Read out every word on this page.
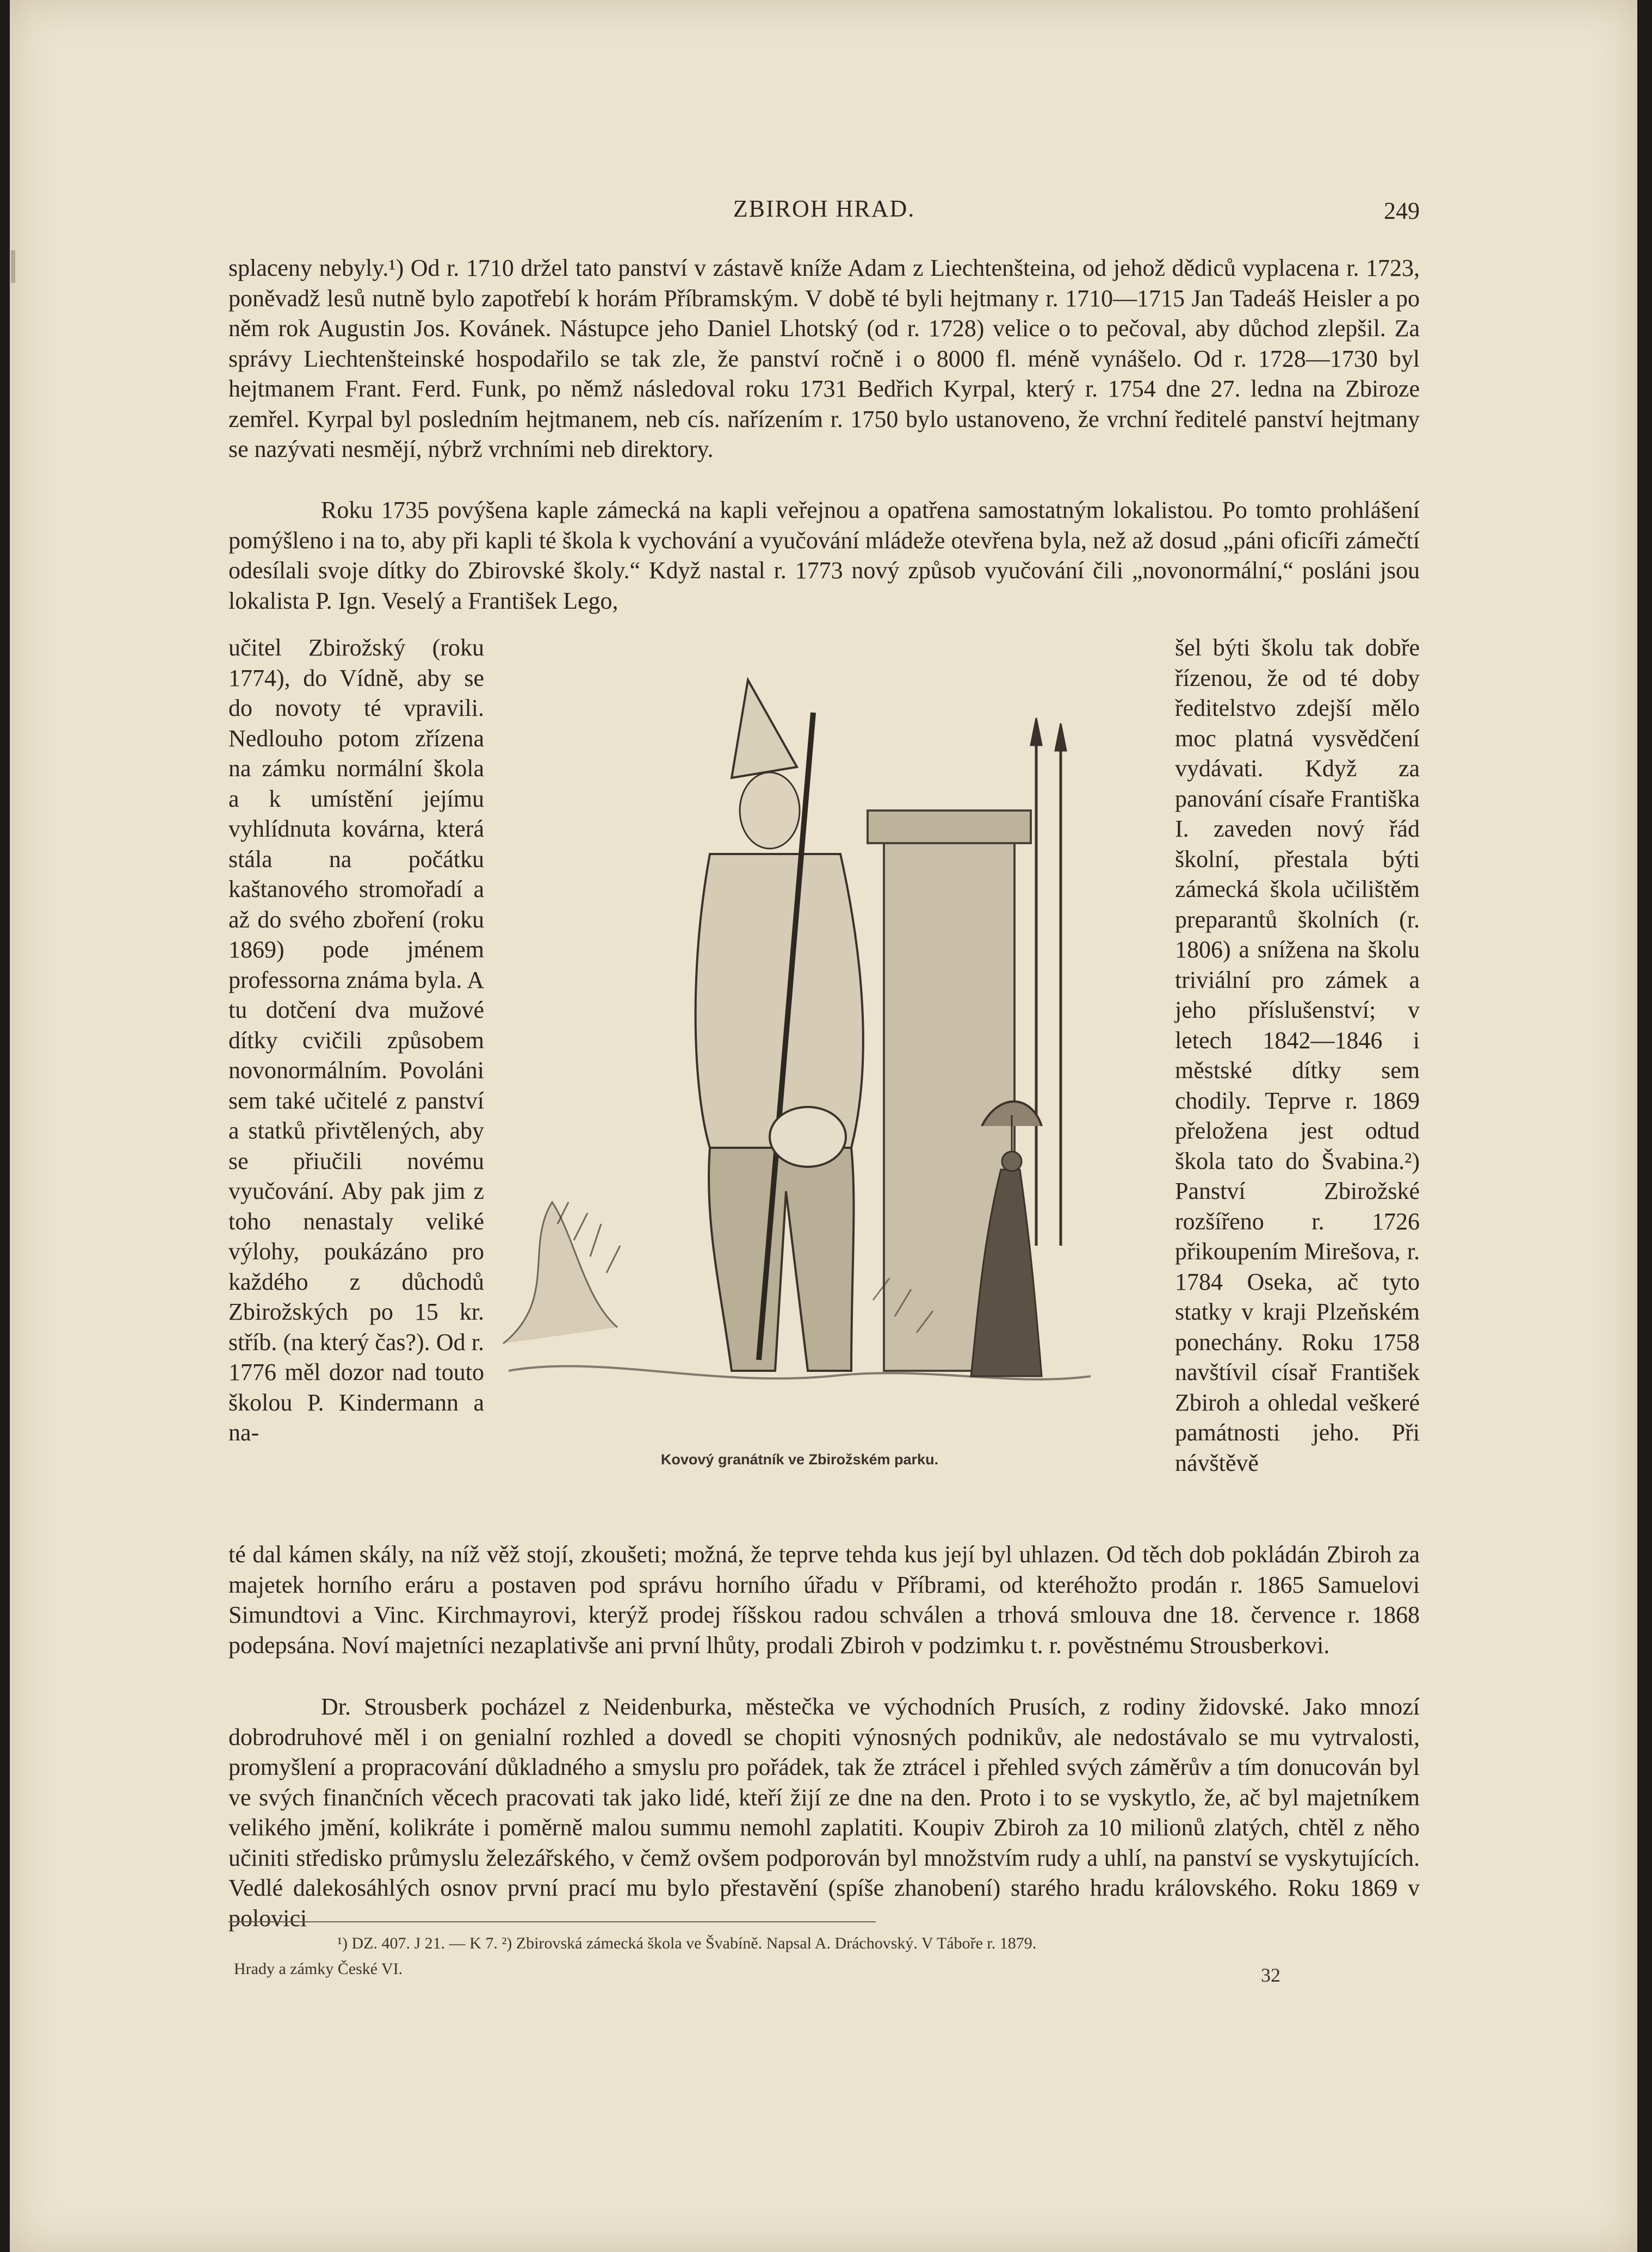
ZBIROH HRAD.	249

splaceny nebyly.¹) Od r. 1710 držel tato panství v zástavě kníže Adam z Liechtenšteina, od jehož dědiců vyplacena r. 1723, poněvadž lesů nutně bylo zapotřebí k horám Příbramským. V době té byli hejtmany r. 1710—1715 Jan Tadeáš Heisler a po něm rok Augustin Jos. Kovánek. Nástupce jeho Daniel Lhotský (od r. 1728) velice o to pečoval, aby důchod zlepšil. Za správy Liechtenšteinské hospodařilo se tak zle, že panství ročně i o 8000 fl. méně vynášelo. Od r. 1728—1730 byl hejtmanem Frant. Ferd. Funk, po němž následoval roku 1731 Bedřich Kyrpal, který r. 1754 dne 27. ledna na Zbiroze zemřel. Kyrpal byl posledním hejtmanem, neb cís. nařízením r. 1750 bylo ustanoveno, že vrchní ředitelé panství hejtmany se nazývati nesmějí, nýbrž vrchními neb direktory.

Roku 1735 povýšena kaple zámecká na kapli veřejnou a opatřena samostatným lokalistou. Po tomto prohlášení pomýšleno i na to, aby při kapli té škola k vychování a vyučování mládeže otevřena byla, než až dosud „páni oficíři zámečtí odesílali svoje dítky do Zbirovské školy.“ Když nastal r. 1773 nový způsob vyučování čili „novonormální,“ posláni jsou lokalista P. Ign. Veselý a František Lego,

učitel Zbirožský (roku 1774), do Vídně, aby se do novoty té vpravili. Nedlouho potom zřízena na zámku normální škola a k umístění jejímu vyhlídnuta kovárna, která stála na počátku kaštanového stromořadí a až do svého zboření (roku 1869) pode jménem professorna známa byla. A tu dotčení dva mužové dítky cvičili způsobem novonormálním. Povoláni sem také učitelé z panství a statků přivtělených, aby se přiučili novému vyučování. Aby pak jim z toho nenastaly veliké výlohy, poukázáno pro každého z důchodů Zbirožských po 15 kr. stříb. (na který čas?). Od r. 1776 měl dozor nad touto školou P. Kindermann a na-

šel býti školu tak dobře řízenou, že od té doby ředitelstvo zdejší mělo moc platná vysvědčení vydávati. Když za panování císaře Františka I. zaveden nový řád školní, přestala býti zámecká škola učilištěm preparantů školních (r. 1806) a snížena na školu triviální pro zámek a jeho příslušenství; v letech 1842—1846 i městské dítky sem chodily. Teprve r. 1869 přeložena jest odtud škola tato do Švabina.²) Panství Zbirožské rozšířeno r. 1726 přikoupením Mirešova, r. 1784 Oseka, ač tyto statky v kraji Plzeňském ponechány. Roku 1758 navštívil císař František Zbiroh a ohledal veškeré památnosti jeho. Při návštěvě

Kovový granátník ve Zbirožském parku.

té dal kámen skály, na níž věž stojí, zkoušeti; možná, že teprve tehda kus její byl uhlazen. Od těch dob pokládán Zbiroh za majetek horního eráru a postaven pod správu horního úřadu v Příbrami, od kteréhožto prodán r. 1865 Samuelovi Simundtovi a Vinc. Kirchmayrovi, kterýž prodej říšskou radou schválen a trhová smlouva dne 18. července r. 1868 podepsána. Noví majetníci nezaplativše ani první lhůty, prodali Zbiroh v podzimku t. r. pověstnému Strousberkovi.

Dr. Strousberk pocházel z Neidenburka, městečka ve východních Prusích, z rodiny židovské. Jako mnozí dobrodruhové měl i on genialní rozhled a dovedl se chopiti výnosných podnikův, ale nedostávalo se mu vytrvalosti, promyšlení a propracování důkladného a smyslu pro pořádek, tak že ztrácel i přehled svých záměrův a tím donucován byl ve svých finančních věcech pracovati tak jako lidé, kteří žijí ze dne na den. Proto i to se vyskytlo, že, ač byl majetníkem velikého jmění, kolikráte i poměrně malou summu nemohl zaplatiti. Koupiv Zbiroh za 10 milionů zlatých, chtěl z něho učiniti středisko průmyslu železářského, v čemž ovšem podporován byl množstvím rudy a uhlí, na panství se vyskytujících. Vedlé dalekosáhlých osnov první prací mu bylo přestavění (spíše zhanobení) starého hradu královského. Roku 1869 v polovici

¹) DZ. 407. J 21. — K 7. ²) Zbirovská zámecká škola ve Švabíně. Napsal A. Dráchovský. V Táboře r. 1879.
Hrady a zámky České VI.	32
